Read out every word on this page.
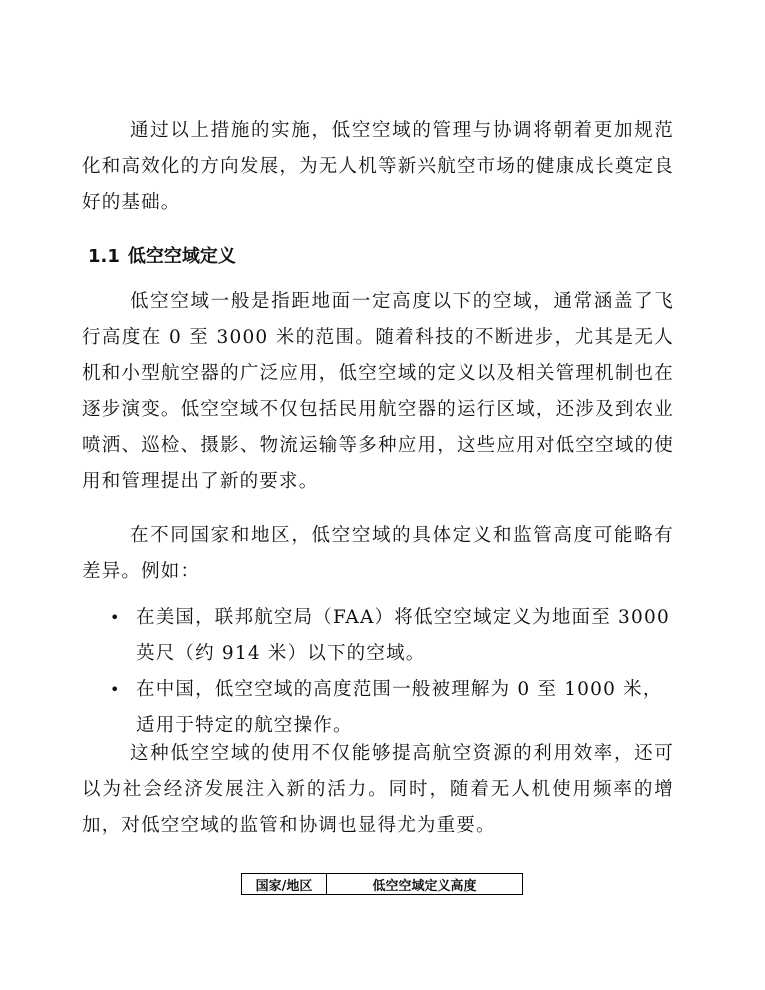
通过以上措施的实施，低空空域的管理与协调将朝着更加规范化和高效化的方向发展，为无人机等新兴航空市场的健康成长奠定良好的基础。

1.1 低空空域定义

低空空域一般是指距地面一定高度以下的空域，通常涵盖了飞行高度在 0 至 3000 米的范围。随着科技的不断进步，尤其是无人机和小型航空器的广泛应用，低空空域的定义以及相关管理机制也在逐步演变。低空空域不仅包括民用航空器的运行区域，还涉及到农业喷洒、巡检、摄影、物流运输等多种应用，这些应用对低空空域的使用和管理提出了新的要求。

在不同国家和地区，低空空域的具体定义和监管高度可能略有差异。例如：

• 在美国，联邦航空局（FAA）将低空空域定义为地面至 3000 英尺（约 914 米）以下的空域。
• 在中国，低空空域的高度范围一般被理解为 0 至 1000 米，适用于特定的航空操作。

这种低空空域的使用不仅能够提高航空资源的利用效率，还可以为社会经济发展注入新的活力。同时，随着无人机使用频率的增加，对低空空域的监管和协调也显得尤为重要。

国家/地区	低空空域定义高度
